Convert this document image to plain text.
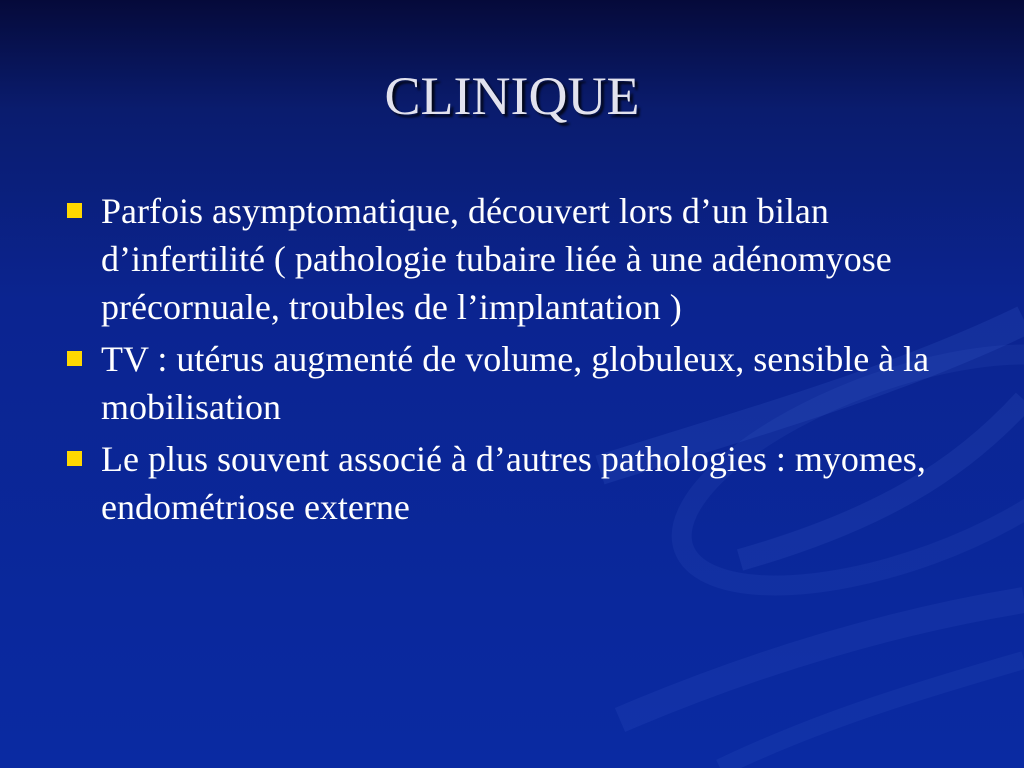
CLINIQUE
Parfois asymptomatique, découvert lors d’un bilan d’infertilité ( pathologie tubaire liée à une adénomyose précornuale, troubles de l’implantation )
TV : utérus augmenté de volume, globuleux, sensible à la mobilisation
Le plus souvent associé à d’autres pathologies : myomes, endométriose externe
